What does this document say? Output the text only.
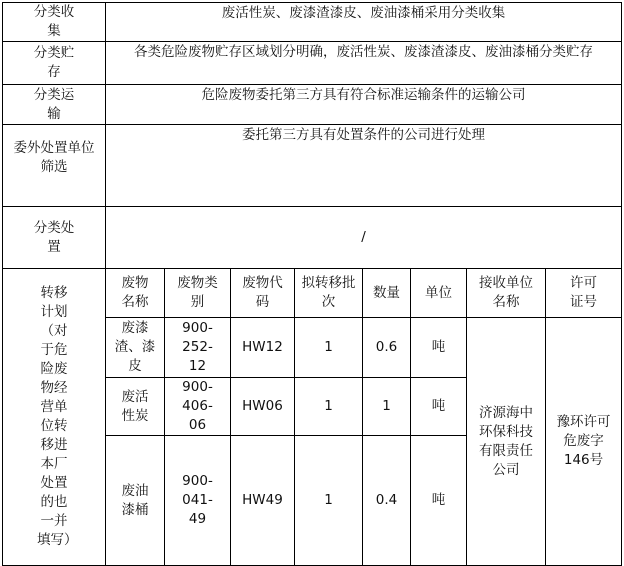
分类收集	废活性炭、废漆渣漆皮、废油漆桶采用分类收集							
分类贮存	各类危险废物贮存区域划分明确，废活性炭、废漆渣漆皮、废油漆桶分类贮存							
分类运输	危险废物委托第三方具有符合标准运输条件的运输公司							
委外处置单位筛选	委托第三方具有处置条件的公司进行处理							
分类处置	/							
转移计划（对于危险废物经营单位转移进本厂处置的也一并填写）	废物名称	废物类别	废物代码	拟转移批次	数量	单位	接收单位名称	许可证号
	废漆渣、漆皮	900-252-12	HW12	1	0.6	吨	济源海中环保科技有限责任公司	豫环许可危废字146号
	废活性炭	900-406-06	HW06	1	1	吨		
	废油漆桶	900-041-49	HW49	1	0.4	吨		
